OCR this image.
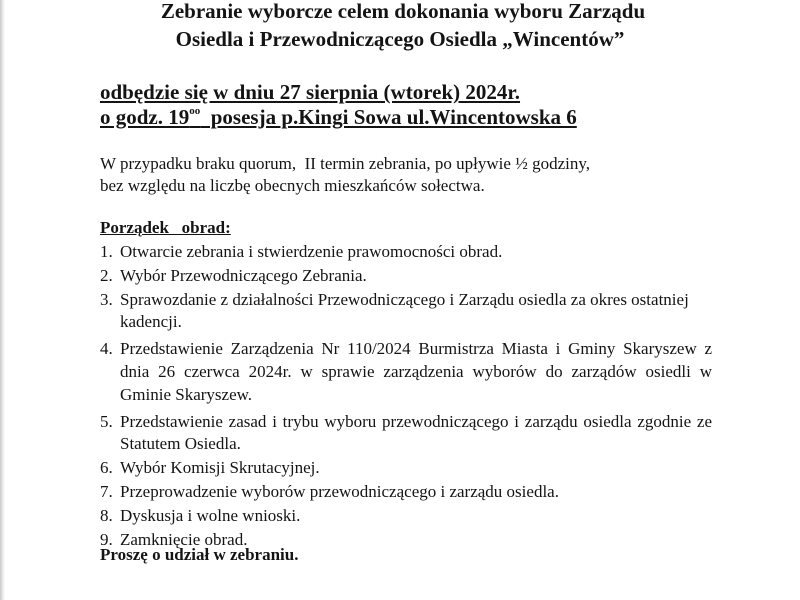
Zebranie wyborcze celem dokonania wyboru Zarządu
Osiedla i Przewodniczącego Osiedla „Wincentów”
odbędzie się w dniu 27 sierpnia (wtorek) 2024r.
o godz. $19^{oo}$  posesja p.Kingi Sowa ul.Wincentowska 6
W przypadku braku quorum,  II termin zebrania, po upływie ½ godziny,
bez względu na liczbę obecnych mieszkańców sołectwa.
Porządek   obrad:
1. Otwarcie zebrania i stwierdzenie prawomocności obrad.
2. Wybór Przewodniczącego Zebrania.
3. Sprawozdanie z działalności Przewodniczącego i Zarządu osiedla za okres ostatniej kadencji.
4. Przedstawienie Zarządzenia Nr 110/2024 Burmistrza Miasta i Gminy Skaryszew z dnia 26 czerwca 2024r. w sprawie zarządzenia wyborów do zarządów osiedli w Gminie Skaryszew.
5. Przedstawienie zasad i trybu wyboru przewodniczącego i zarządu osiedla zgodnie ze Statutem Osiedla.
6. Wybór Komisji Skrutacyjnej.
7. Przeprowadzenie wyborów przewodniczącego i zarządu osiedla.
8. Dyskusja i wolne wnioski.
9. Zamknięcie obrad.
Proszę o udział w zebraniu.
